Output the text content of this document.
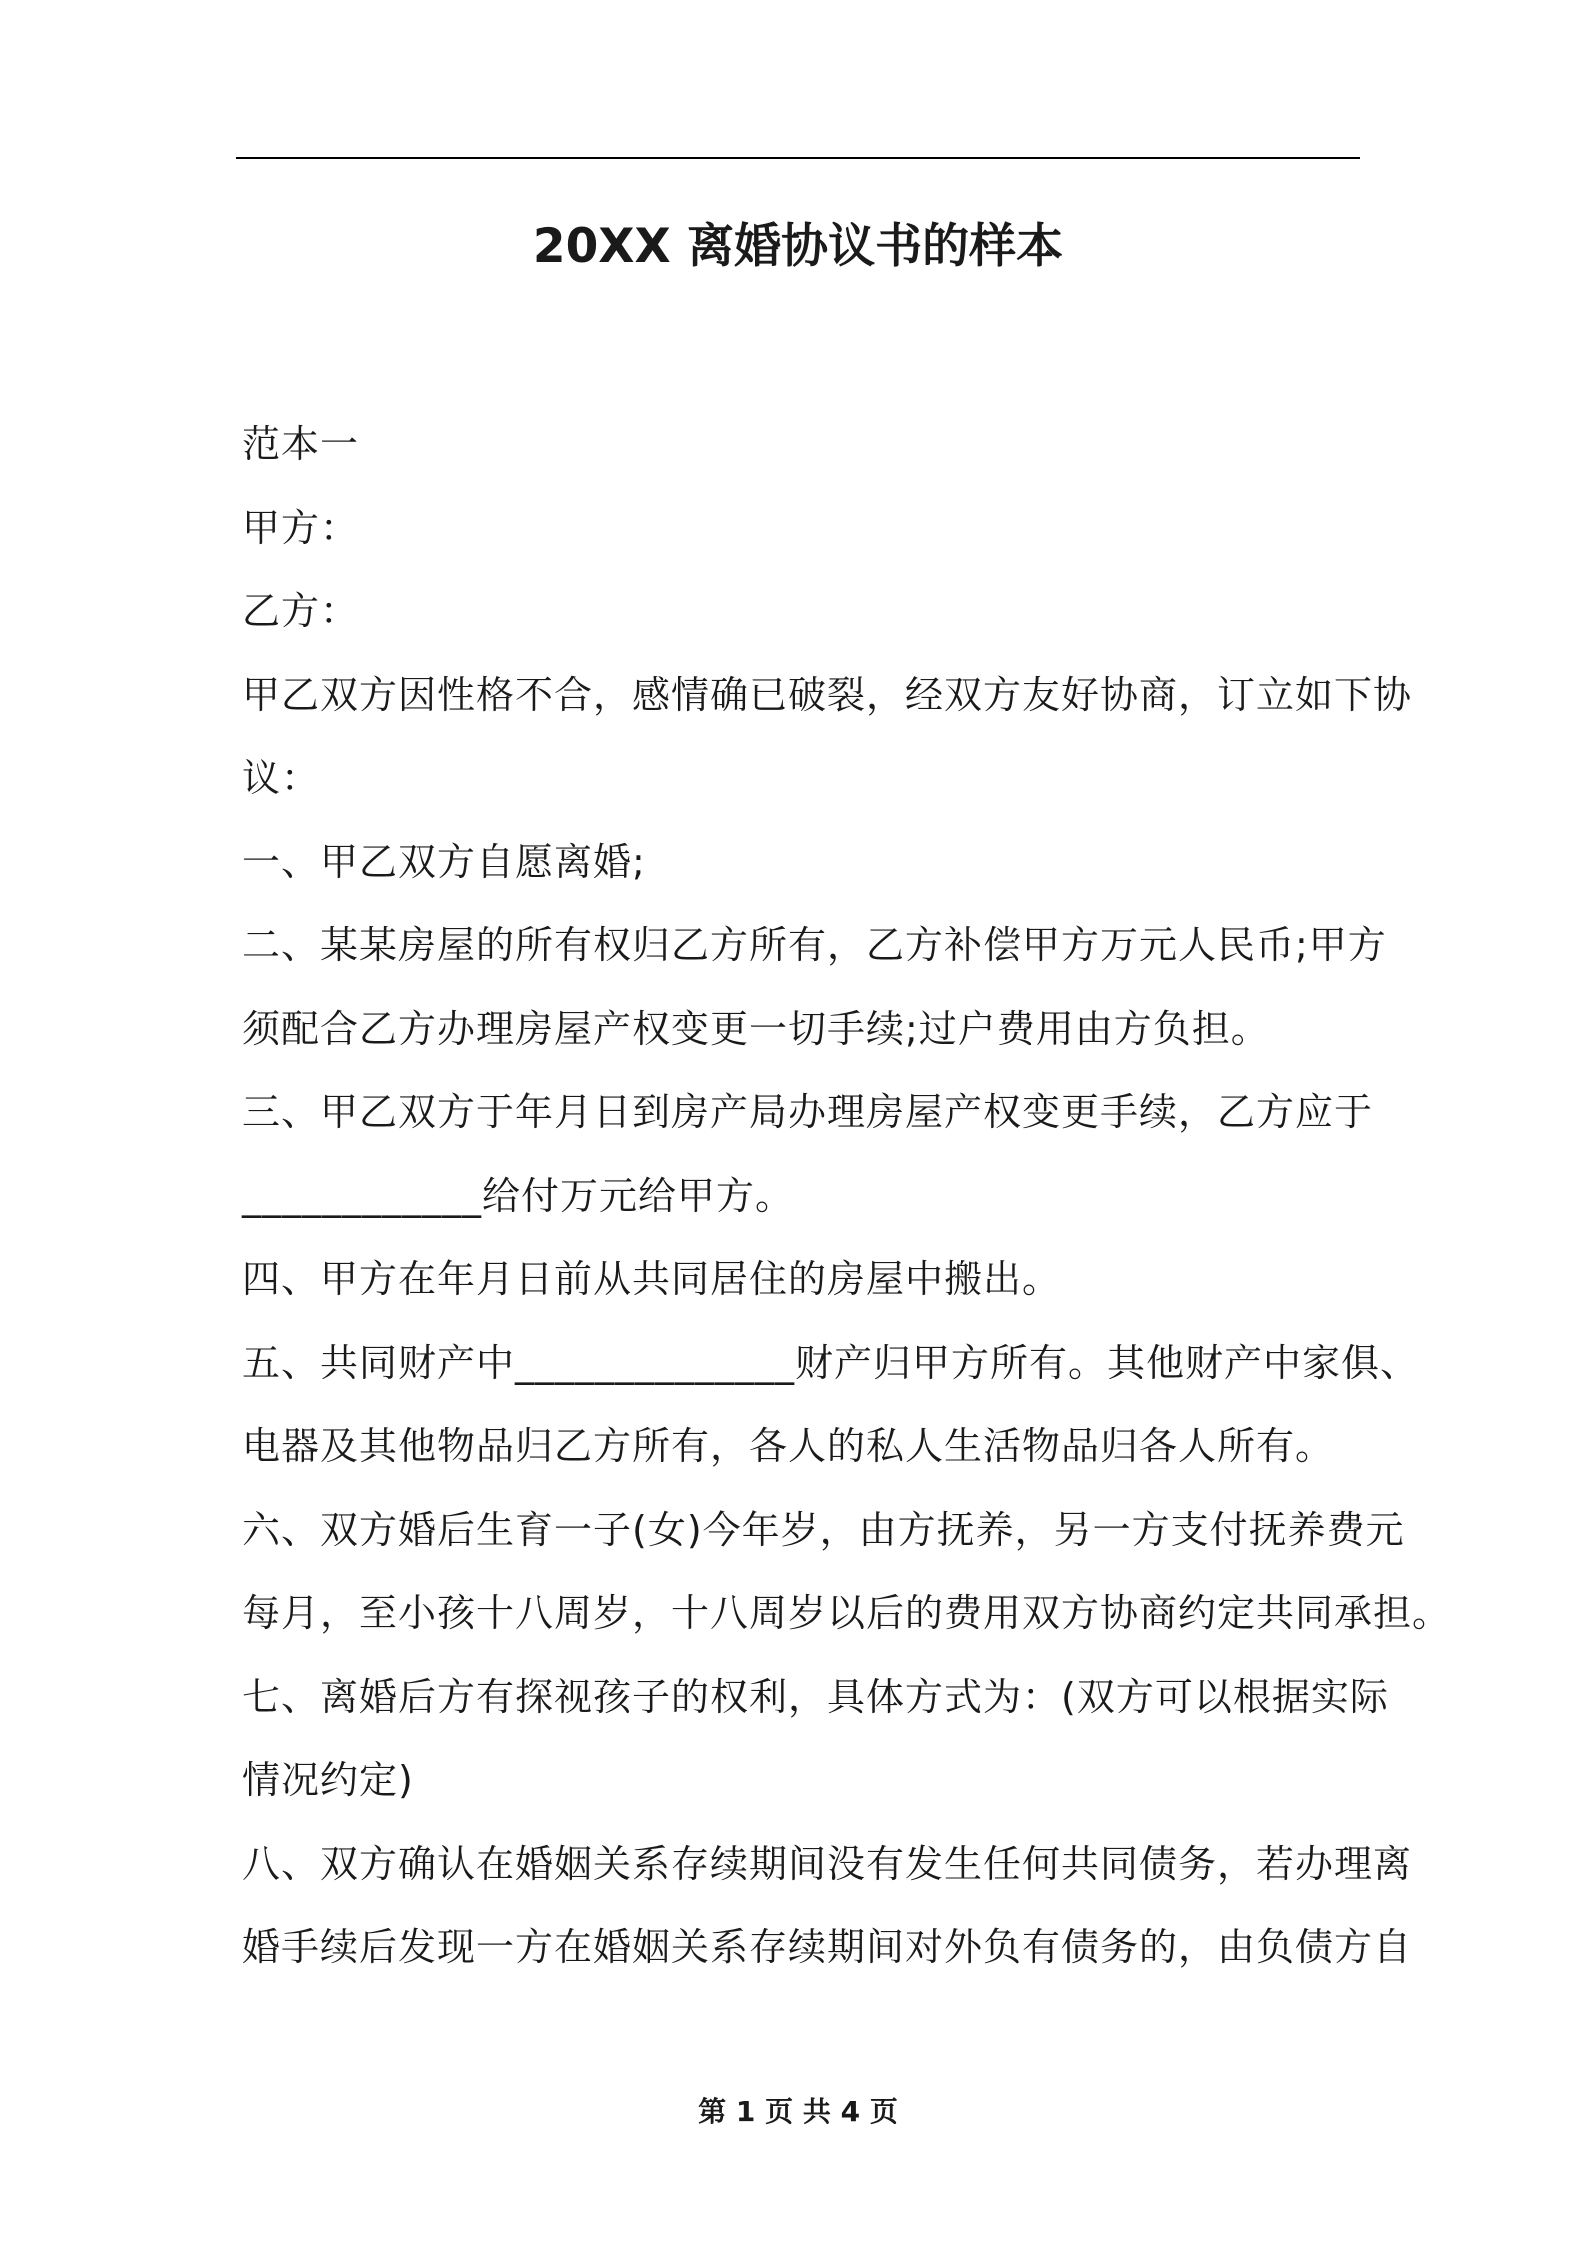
20XX 离婚协议书的样本
范本一
甲方：
乙方：
甲乙双方因性格不合，感情确已破裂，经双方友好协商，订立如下协
议：
一、甲乙双方自愿离婚;
二、某某房屋的所有权归乙方所有，乙方补偿甲方万元人民币;甲方
须配合乙方办理房屋产权变更一切手续;过户费用由方负担。
三、甲乙双方于年月日到房产局办理房屋产权变更手续，乙方应于
____________给付万元给甲方。
四、甲方在年月日前从共同居住的房屋中搬出。
五、共同财产中______________财产归甲方所有。其他财产中家俱、
电器及其他物品归乙方所有，各人的私人生活物品归各人所有。
六、双方婚后生育一子(女)今年岁，由方抚养，另一方支付抚养费元
每月，至小孩十八周岁，十八周岁以后的费用双方协商约定共同承担。
七、离婚后方有探视孩子的权利，具体方式为：(双方可以根据实际
情况约定)
八、双方确认在婚姻关系存续期间没有发生任何共同债务，若办理离
婚手续后发现一方在婚姻关系存续期间对外负有债务的，由负债方自
第 1 页 共 4 页
